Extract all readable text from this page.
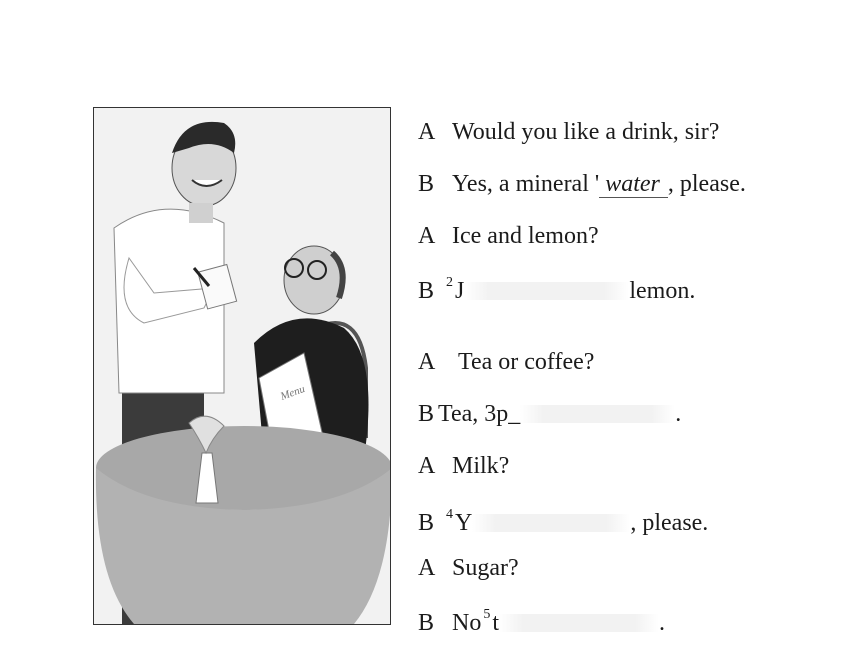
Menu
A Would you like a drink, sir?
B Yes, a mineral ' water , please.
A Ice and lemon?
B $^2$J	lemon.
A Tea or coffee?
B Tea, 3p_	.
A Milk?
B $^4$Y	, please.
A Sugar?
B No $^5$t	.
